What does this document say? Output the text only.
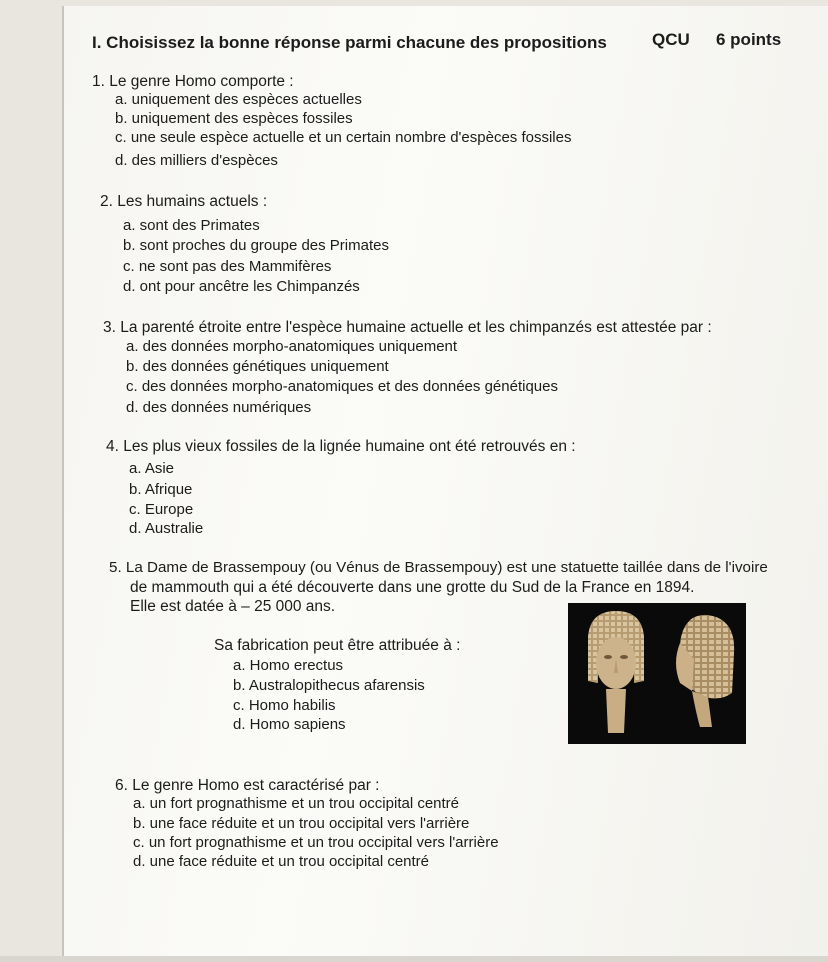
I. Choisissez la bonne réponse parmi chacune des propositions	QCU 6 points
1. Le genre Homo comporte :
a. uniquement des espèces actuelles
b. uniquement des espèces fossiles
c. une seule espèce actuelle et un certain nombre d'espèces fossiles
d. des milliers d'espèces
2. Les humains actuels :
a. sont des Primates
b. sont proches du groupe des Primates
c. ne sont pas des Mammifères
d. ont pour ancêtre les Chimpanzés
3. La parenté étroite entre l'espèce humaine actuelle et les chimpanzés est attestée par :
a. des données morpho-anatomiques uniquement
b. des données génétiques uniquement
c. des données morpho-anatomiques et des données génétiques
d. des données numériques
4. Les plus vieux fossiles de la lignée humaine ont été retrouvés en :
a. Asie
b. Afrique
c. Europe
d. Australie
5. La Dame de Brassempouy (ou Vénus de Brassempouy) est une statuette taillée dans de l'ivoire
de mammouth qui a été découverte dans une grotte du Sud de la France en 1894.
Elle est datée à – 25 000 ans.
Sa fabrication peut être attribuée à :
a. Homo erectus
b. Australopithecus afarensis
c. Homo habilis
d. Homo sapiens
6. Le genre Homo est caractérisé par :
a. un fort prognathisme et un trou occipital centré
b. une face réduite et un trou occipital vers l'arrière
c. un fort prognathisme et un trou occipital vers l'arrière
d. une face réduite et un trou occipital centré
